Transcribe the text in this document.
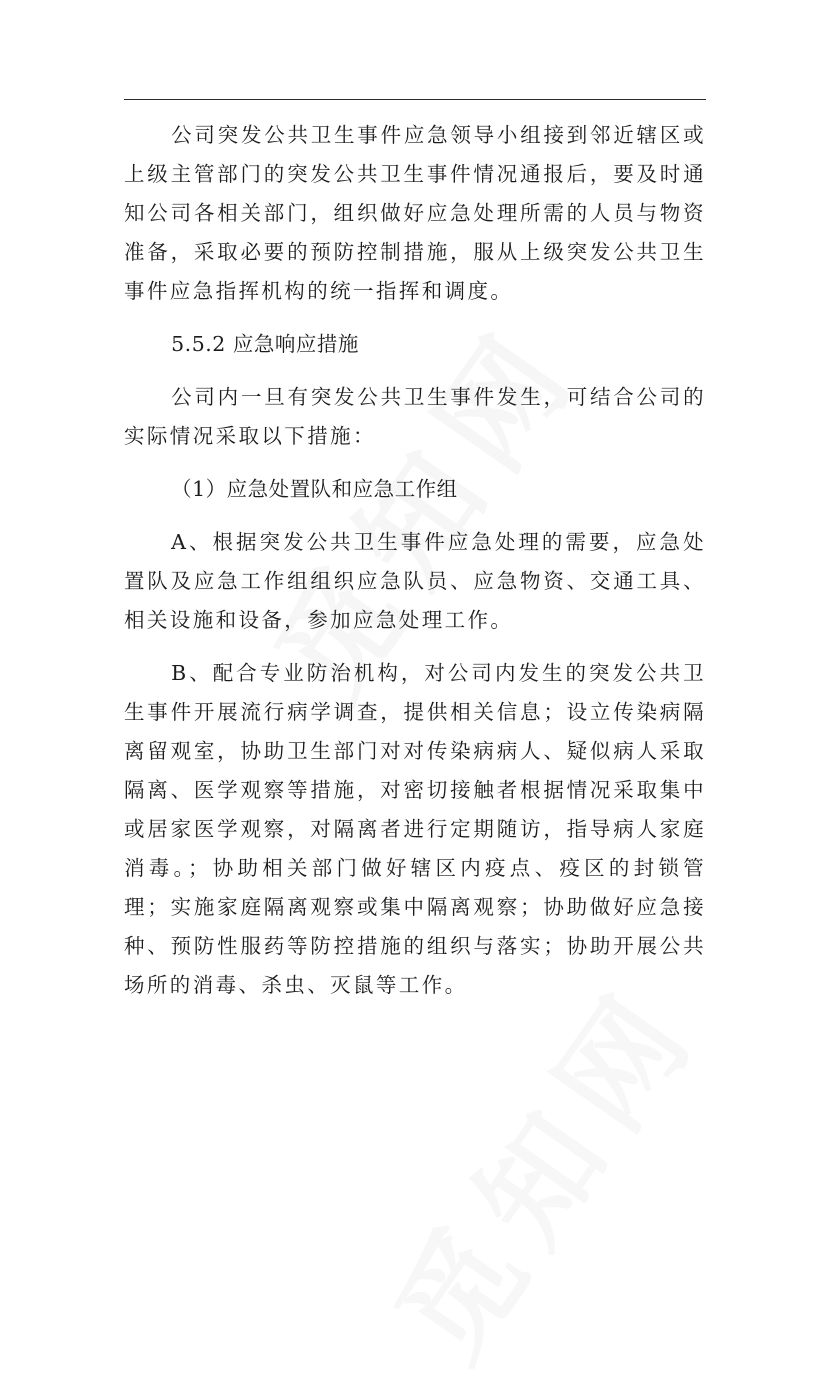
公司突发公共卫生事件应急领导小组接到邻近辖区或上级主管部门的突发公共卫生事件情况通报后，要及时通知公司各相关部门，组织做好应急处理所需的人员与物资准备，采取必要的预防控制措施，服从上级突发公共卫生事件应急指挥机构的统一指挥和调度。

5.5.2 应急响应措施

公司内一旦有突发公共卫生事件发生，可结合公司的实际情况采取以下措施：

（1）应急处置队和应急工作组

A、根据突发公共卫生事件应急处理的需要，应急处置队及应急工作组组织应急队员、应急物资、交通工具、相关设施和设备，参加应急处理工作。

B、配合专业防治机构，对公司内发生的突发公共卫生事件开展流行病学调查，提供相关信息；设立传染病隔离留观室，协助卫生部门对对传染病病人、疑似病人采取隔离、医学观察等措施，对密切接触者根据情况采取集中或居家医学观察，对隔离者进行定期随访，指导病人家庭消毒。；协助相关部门做好辖区内疫点、疫区的封锁管理；实施家庭隔离观察或集中隔离观察；协助做好应急接种、预防性服药等防控措施的组织与落实；协助开展公共场所的消毒、杀虫、灭鼠等工作。
